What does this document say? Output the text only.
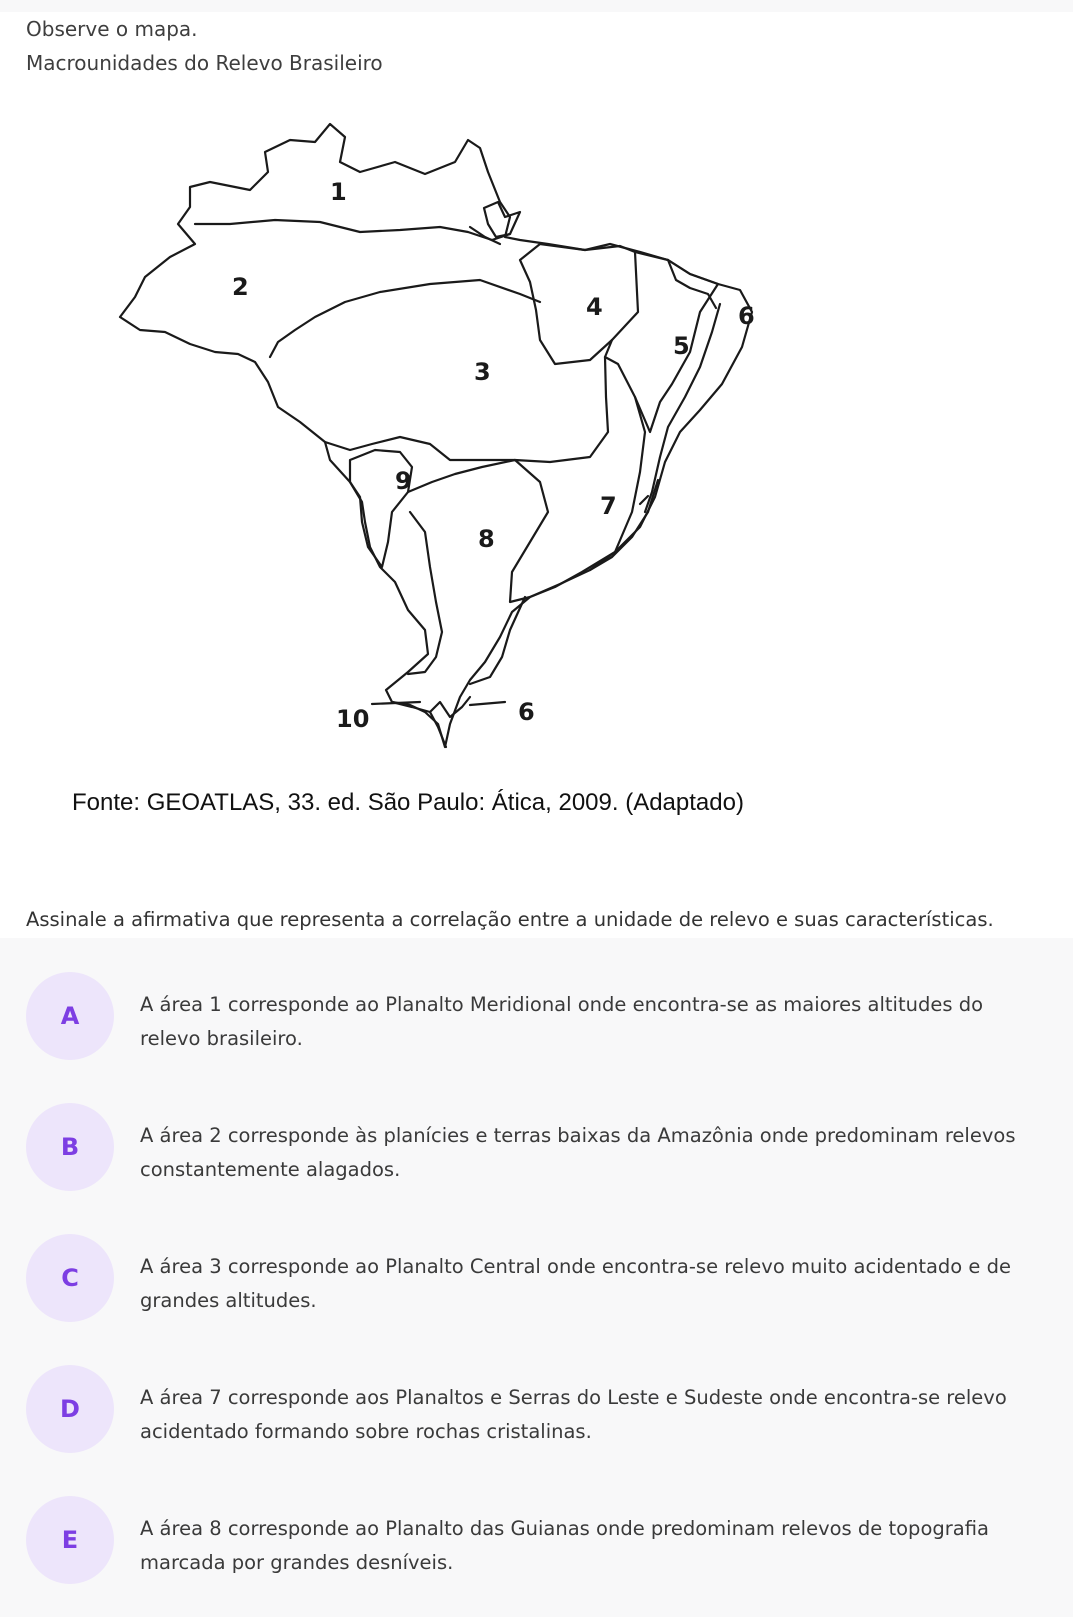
Observe o mapa.
Macrounidades do Relevo Brasileiro
1
2
3
4
5
6
7
8
9
10	6
Fonte: GEOATLAS, 33. ed. São Paulo: Ática, 2009. (Adaptado)
Assinale a afirmativa que representa a correlação entre a unidade de relevo e suas características.
A	A área 1 corresponde ao Planalto Meridional onde encontra-se as maiores altitudes do relevo brasileiro.
B	A área 2 corresponde às planícies e terras baixas da Amazônia onde predominam relevos constantemente alagados.
C	A área 3 corresponde ao Planalto Central onde encontra-se relevo muito acidentado e de grandes altitudes.
D	A área 7 corresponde aos Planaltos e Serras do Leste e Sudeste onde encontra-se relevo acidentado formando sobre rochas cristalinas.
E	A área 8 corresponde ao Planalto das Guianas onde predominam relevos de topografia marcada por grandes desníveis.
